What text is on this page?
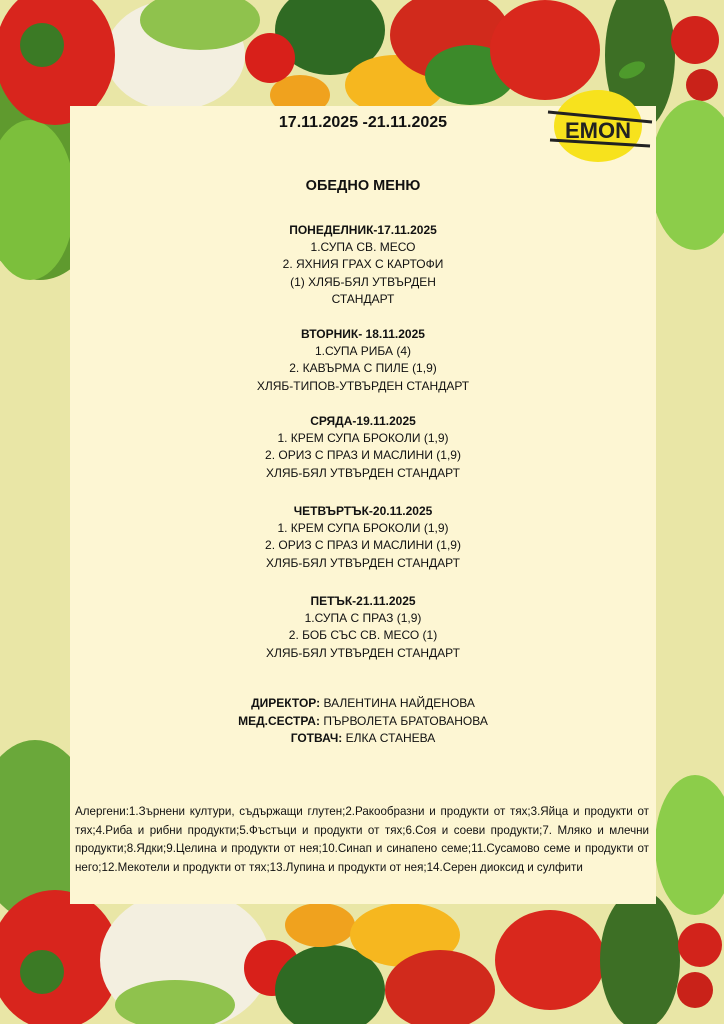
EMON
17.11.2025 -21.11.2025
ОБЕДНО МЕНЮ
ПОНЕДЕЛНИК-17.11.2025
1.СУПА СВ. МЕСО
2. ЯХНИЯ ГРАХ С КАРТОФИ
(1) ХЛЯБ-БЯЛ УТВЪРДЕН
СТАНДАРТ
ВТОРНИК- 18.11.2025
1.СУПА РИБА (4)
2. КАВЪРМА С ПИЛЕ (1,9)
ХЛЯБ-ТИПОВ-УТВЪРДЕН СТАНДАРТ
СРЯДА-19.11.2025
1. КРЕМ СУПА БРОКОЛИ (1,9)
2. ОРИЗ С ПРАЗ И МАСЛИНИ (1,9)
ХЛЯБ-БЯЛ УТВЪРДЕН СТАНДАРТ
ЧЕТВЪРТЪК-20.11.2025
1. КРЕМ СУПА БРОКОЛИ (1,9)
2. ОРИЗ С ПРАЗ И МАСЛИНИ (1,9)
ХЛЯБ-БЯЛ УТВЪРДЕН СТАНДАРТ
ПЕТЪК-21.11.2025
1.СУПА С ПРАЗ (1,9)
2. БОБ СЪС СВ. МЕСО (1)
ХЛЯБ-БЯЛ УТВЪРДЕН СТАНДАРТ
ДИРЕКТОР: ВАЛЕНТИНА НАЙДЕНОВА
МЕД.СЕСТРА: ПЪРВОЛЕТА БРАТОВАНОВА
ГОТВАЧ: ЕЛКА СТАНЕВА
Алергени:1.Зърнени култури, съдържащи глутен;2.Ракообразни и продукти от тях;3.Яйца и продукти от тях;4.Риба и рибни продукти;5.Фъстъци и продукти от тях;6.Соя и соеви продукти;7. Мляко и млечни продукти;8.Ядки;9.Целина и продукти от нея;10.Синап и синапено семе;11.Сусамово семе и продукти от него;12.Мекотели и продукти от тях;13.Лупина и продукти от нея;14.Серен диоксид и сулфити
